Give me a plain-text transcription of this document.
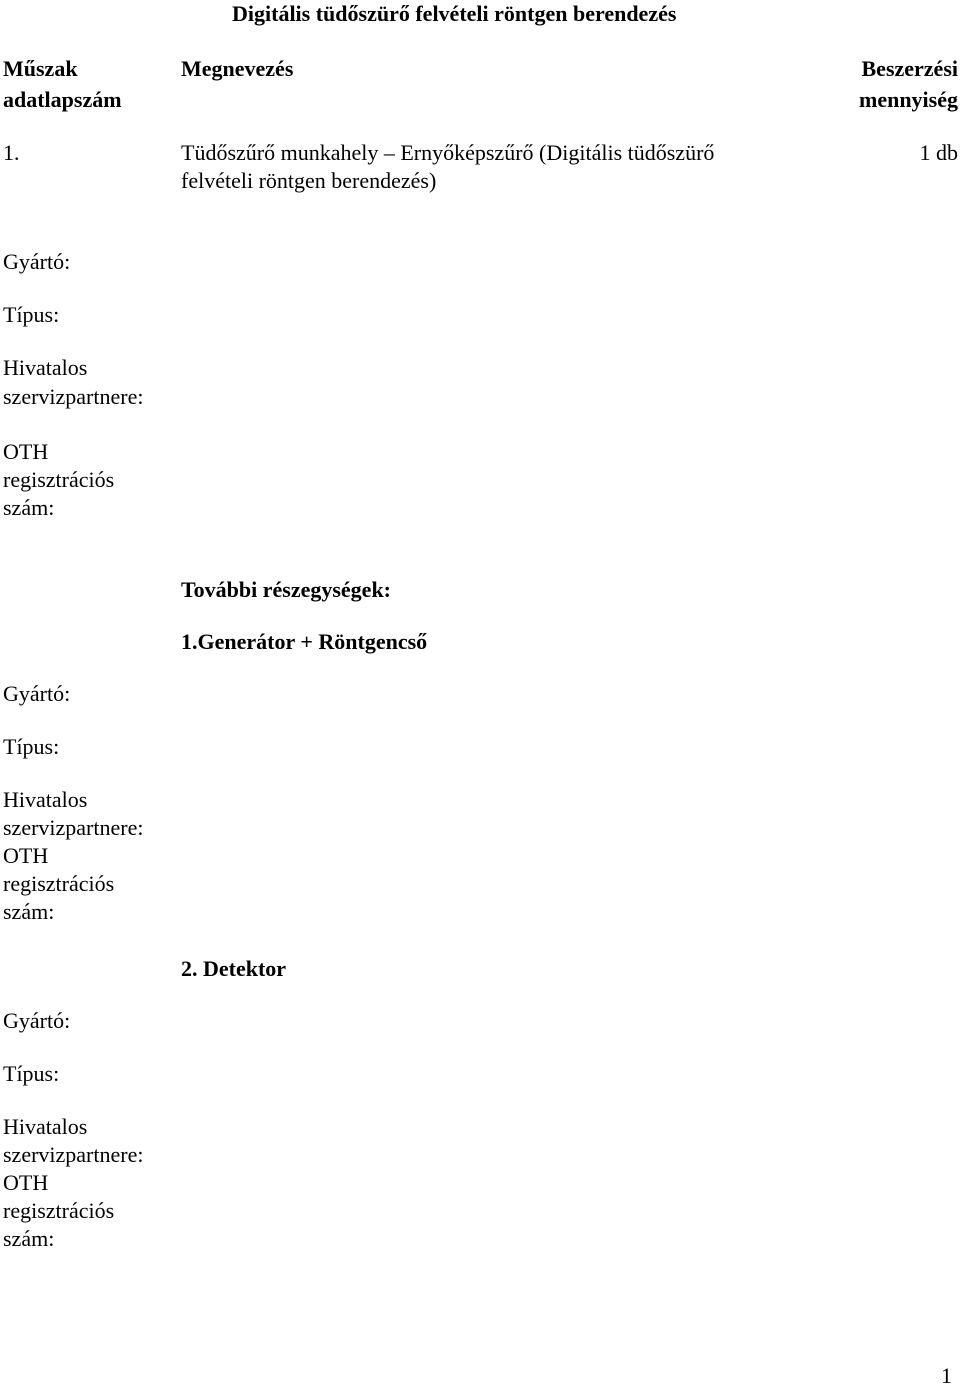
Digitális tüdőszürő felvételi röntgen berendezés
Műszak
adatlapszám
Megnevezés	Beszerzési
mennyiség
1.	Tüdőszűrő munkahely – Ernyőképszűrő (Digitális tüdőszürő
felvételi röntgen berendezés)
1 db
Gyártó:
Típus:
Hivatalos
szervizpartnere:
OTH
regisztrációs
szám:
További részegységek:
1.Generátor + Röntgencső
Gyártó:
Típus:
Hivatalos
szervizpartnere:
OTH
regisztrációs
szám:
2. Detektor
Gyártó:
Típus:
Hivatalos
szervizpartnere:
OTH
regisztrációs
szám:
1
